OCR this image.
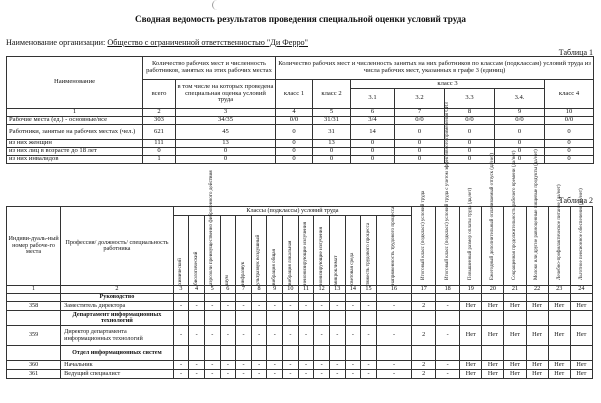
Сводная ведомость результатов проведения специальной оценки условий труда
Наименование организации: Общество с ограниченной ответственностью "Ди Ферро"
Таблица 1
Наименование	Количество рабочих мест и численность работников, занятых на этих рабочих местах		Количество рабочих мест и численность занятых на них работников по классам (подклассам) условий труда из числа рабочих мест, указанных в графе 3 (единиц)						
	всего	в том числе на которых проведена специальная оценка условий труда	класс 1	класс 2	класс 3				класс 4
					3.1	3.2	3.3	3.4.	
1	2	3	4	5	6	7	8	9	10
Рабочие места (ед.) - основные/все	303	34/35	0/0	31/31	3/4	0/0	0/0	0/0	0/0
Работники, занятые на рабочих местах (чел.)	621	45	0	31	14	0	0	0	0
из них женщин	111	13	0	13	0	0	0	0	0
из них лиц в возрасте до 18 лет	0	0	0	0	0	0	0	0	0
из них инвалидов	1	0	0	0	0	0	0	0	0
Таблица 2
Индиви-дуаль-ный номер рабоче-го места	Профессия/ должность/ специальность работника	Классы (подклассы) условий труда														Итоговый класс (подкласс) условий труда	Итоговый класс (подкласс) условий труда с учетом эффективного применения СИЗ	Повышенный размер оплаты труда (да,нет)	Ежегодный дополнительный оплачиваемый отпуск (да/нет)	Сокращенная продолжительность рабочего времени (да/нет)	Молоко или другие равноценные пищевые продукты (да/нет)	Лечебно-профилактическое питание (да/нет)	Льготное пенсионное обеспечение (да/нет)

		химический	биологический	аэрозоли преимущественно фиброгенного действия	шум	инфразвук	ультразвук воздушный	вибрация общая	вибрация локальная	неионизирующие излучения	ионизирующие излучения	микроклимат	световая среда	тяжесть трудового процесса	напряженность трудового процесса								

1	2	3	4	5	6	7	8	9	10	11	12	13	14	15	16	17	18	19	20	21	22	23	24
	Руководство																						
358	Заместитель директора	-	-	-	-	-	-	-	-	-	-	-	-	-	-	2	-	Нет	Нет	Нет	Нет	Нет	Нет
	Департамент информационных технологий																						
359	Директор департамента информационных технологий	-	-	-	-	-	-	-	-	-	-	-	-	-	-	2	-	Нет	Нет	Нет	Нет	Нет	Нет
	Отдел информационных систем																						
360	Начальник	-	-	-	-	-	-	-	-	-	-	-	-	-	-	2	-	Нет	Нет	Нет	Нет	Нет	Нет
361	Ведущий специалист	-	-	-	-	-	-	-	-	-	-	-	-	-	-	2	-	Нет	Нет	Нет	Нет	Нет	Нет
